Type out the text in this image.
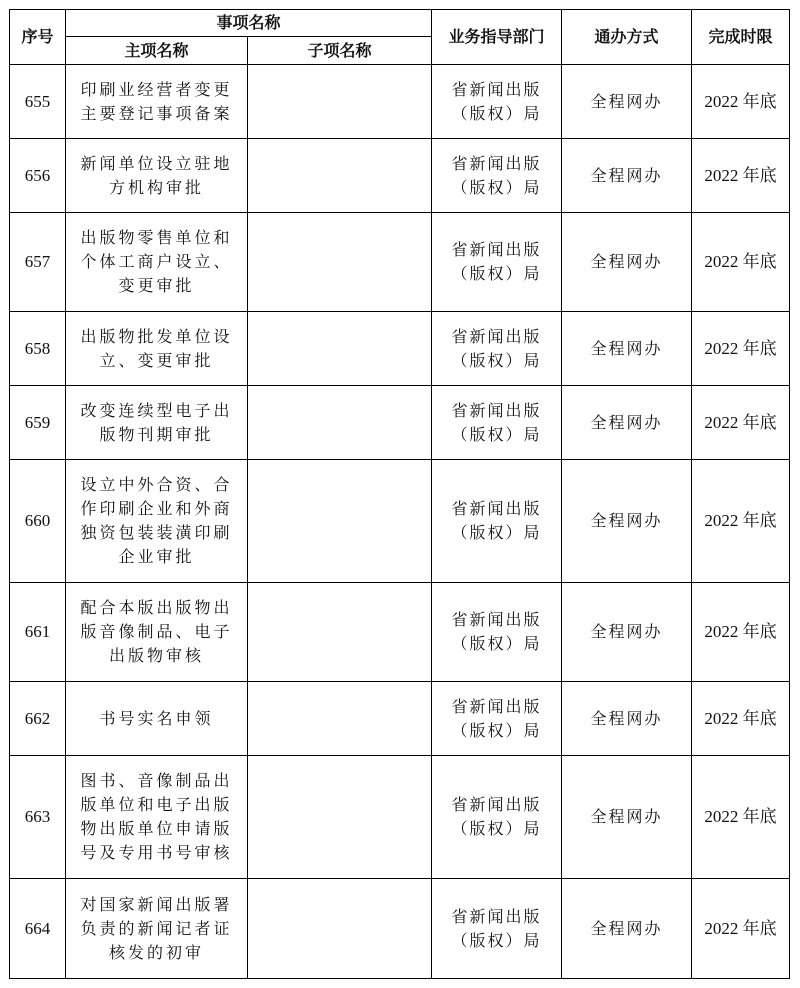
序号	事项名称		业务指导部门	通办方式	完成时限
	主项名称	子项名称			
655	印刷业经营者变更主要登记事项备案		省新闻出版（版权）局	全程网办	2022 年底
656	新闻单位设立驻地方机构审批		省新闻出版（版权）局	全程网办	2022 年底
657	出版物零售单位和个体工商户设立、变更审批		省新闻出版（版权）局	全程网办	2022 年底
658	出版物批发单位设立、变更审批		省新闻出版（版权）局	全程网办	2022 年底
659	改变连续型电子出版物刊期审批		省新闻出版（版权）局	全程网办	2022 年底
660	设立中外合资、合作印刷企业和外商独资包装装潢印刷企业审批		省新闻出版（版权）局	全程网办	2022 年底
661	配合本版出版物出版音像制品、电子出版物审核		省新闻出版（版权）局	全程网办	2022 年底
662	书号实名申领		省新闻出版（版权）局	全程网办	2022 年底
663	图书、音像制品出版单位和电子出版物出版单位申请版号及专用书号审核		省新闻出版（版权）局	全程网办	2022 年底
664	对国家新闻出版署负责的新闻记者证核发的初审		省新闻出版（版权）局	全程网办	2022 年底
